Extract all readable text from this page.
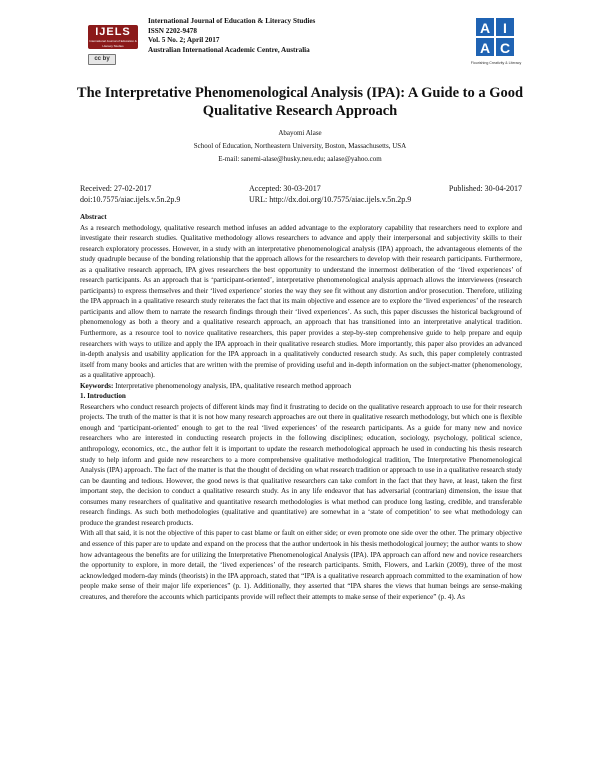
IJELS
International Journal of Education & Literacy Studies
cc by
International Journal of Education & Literacy Studies
ISSN 2202-9478
Vol. 5 No. 2; April 2017
Australian International Academic Centre, Australia
A I
A C
Flourishing Creativity & Literacy
The Interpretative Phenomenological Analysis (IPA): A Guide to a Good Qualitative Research Approach
Abayomi Alase
School of Education, Northeastern University, Boston, Massachusetts, USA
E-mail: sanemi-alase@husky.neu.edu; aalase@yahoo.com
Received: 27-02-2017	Accepted: 30-03-2017	Published: 30-04-2017
doi:10.7575/aiac.ijels.v.5n.2p.9	URL: http://dx.doi.org/10.7575/aiac.ijels.v.5n.2p.9

Abstract

As a research methodology, qualitative research method infuses an added advantage to the exploratory capability that researchers need to explore and investigate their research studies. Qualitative methodology allows researchers to advance and apply their interpersonal and subjectivity skills to their research exploratory processes. However, in a study with an interpretative phenomenological analysis (IPA) approach, the advantageous elements of the study quadruple because of the bonding relationship that the approach allows for the researchers to develop with their research participants. Furthermore, as a qualitative research approach, IPA gives researchers the best opportunity to understand the innermost deliberation of the ‘lived experiences’ of research participants. As an approach that is ‘participant-oriented’, interpretative phenomenological analysis approach allows the interviewees (research participants) to express themselves and their ‘lived experience’ stories the way they see fit without any distortion and/or prosecution. Therefore, utilizing the IPA approach in a qualitative research study reiterates the fact that its main objective and essence are to explore the ‘lived experiences’ of the research participants and allow them to narrate the research findings through their ‘lived experiences’. As such, this paper discusses the historical background of phenomenology as both a theory and a qualitative research approach, an approach that has transitioned into an interpretative analytical tradition. Furthermore, as a resource tool to novice qualitative researchers, this paper provides a step-by-step comprehensive guide to help prepare and equip researchers with ways to utilize and apply the IPA approach in their qualitative research studies. More importantly, this paper also provides an advanced in-depth analysis and usability application for the IPA approach in a qualitatively conducted research study. As such, this paper completely contrasted itself from many books and articles that are written with the premise of providing useful and in-depth information on the subject-matter (phenomenology, as a qualitative approach).

Keywords: Interpretative phenomenology analysis, IPA, qualitative research method approach

1. Introduction

Researchers who conduct research projects of different kinds may find it frustrating to decide on the qualitative research approach to use for their research projects. The truth of the matter is that it is not how many research approaches are out there in qualitative research methodology, but which one is flexible enough and ‘participant-oriented’ enough to get to the real ‘lived experiences’ of the research participants. As a guide for many new and novice researchers who are interested in conducting research projects in the following disciplines; education, sociology, psychology, political science, anthropology, economics, etc., the author felt it is important to update the research methodological approach he used in conducting his thesis research study to help inform and guide new researchers to a more comprehensive qualitative methodological tradition, The Interpretative Phenomenological Analysis (IPA) approach. The fact of the matter is that the thought of deciding on what research tradition or approach to use in a qualitative research study can be daunting and tedious. However, the good news is that qualitative researchers can take comfort in the fact that they have, at least, taken the first important step, the decision to conduct a qualitative research study. As in any life endeavor that has adversarial (contrarian) dimension, the issue that consumes many researchers of qualitative and quantitative research methodologies is what method can produce long lasting, credible, and transferable research findings. As such both methodologies (qualitative and quantitative) are somewhat in a ‘state of competition’ to see what methodology can produce the grandest research products.

With all that said, it is not the objective of this paper to cast blame or fault on either side; or even promote one side over the other. The primary objective and essence of this paper are to update and expand on the process that the author undertook in his thesis methodological journey; the author wants to show how advantageous the benefits are for utilizing the Interpretative Phenomenological Analysis (IPA). IPA approach can afford new and novice researchers the opportunity to explore, in more detail, the ‘lived experiences’ of the research participants. Smith, Flowers, and Larkin (2009), three of the most acknowledged modern-day minds (theorists) in the IPA approach, stated that “IPA is a qualitative research approach committed to the examination of how people make sense of their major life experiences” (p. 1). Additionally, they asserted that “IPA shares the views that human beings are sense-making creatures, and therefore the accounts which participants provide will reflect their attempts to make sense of their experience” (p. 4). As
